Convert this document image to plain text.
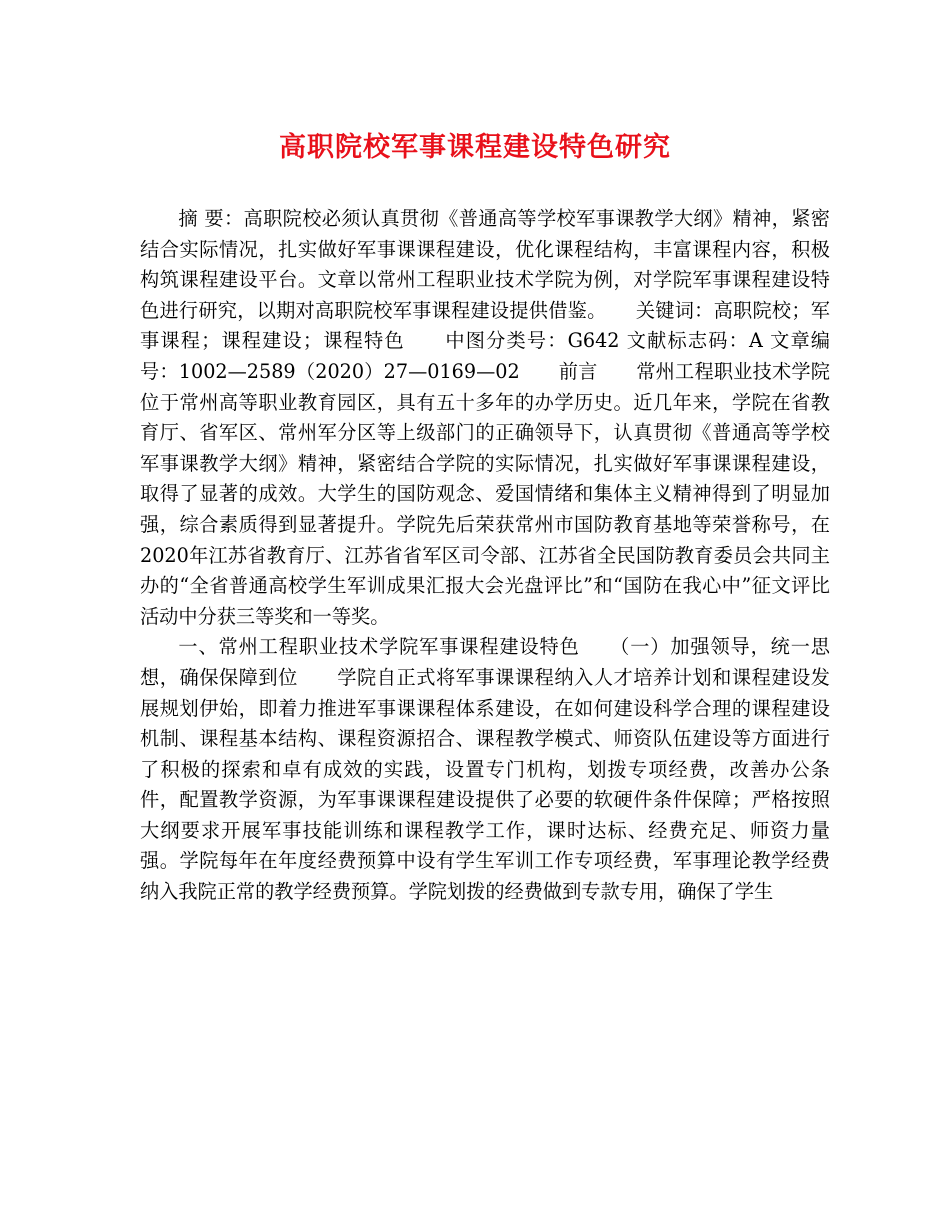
高职院校军事课程建设特色研究

摘 要：高职院校必须认真贯彻《普通高等学校军事课教学大纲》精神，紧密结合实际情况，扎实做好军事课课程建设，优化课程结构，丰富课程内容，积极构筑课程建设平台。文章以常州工程职业技术学院为例，对学院军事课程建设特色进行研究，以期对高职院校军事课程建设提供借鉴。　　关键词：高职院校；军事课程；课程建设；课程特色　　中图分类号：G642 文献标志码：A 文章编号：1002—2589（2020）27—0169—02　　前言　　常州工程职业技术学院位于常州高等职业教育园区，具有五十多年的办学历史。近几年来，学院在省教育厅、省军区、常州军分区等上级部门的正确领导下，认真贯彻《普通高等学校军事课教学大纲》精神，紧密结合学院的实际情况，扎实做好军事课课程建设，取得了显著的成效。大学生的国防观念、爱国情绪和集体主义精神得到了明显加强，综合素质得到显著提升。学院先后荣获常州市国防教育基地等荣誉称号，在2020年江苏省教育厅、江苏省省军区司令部、江苏省全民国防教育委员会共同主办的“全省普通高校学生军训成果汇报大会光盘评比”和“国防在我心中”征文评比活动中分获三等奖和一等奖。

一、常州工程职业技术学院军事课程建设特色　　（一）加强领导，统一思想，确保保障到位　　学院自正式将军事课课程纳入人才培养计划和课程建设发展规划伊始，即着力推进军事课课程体系建设，在如何建设科学合理的课程建设机制、课程基本结构、课程资源招合、课程教学模式、师资队伍建设等方面进行了积极的探索和卓有成效的实践，设置专门机构，划拨专项经费，改善办公条件，配置教学资源，为军事课课程建设提供了必要的软硬件条件保障；严格按照大纲要求开展军事技能训练和课程教学工作，课时达标、经费充足、师资力量强。学院每年在年度经费预算中设有学生军训工作专项经费，军事理论教学经费纳入我院正常的教学经费预算。学院划拨的经费做到专款专用，确保了学生
